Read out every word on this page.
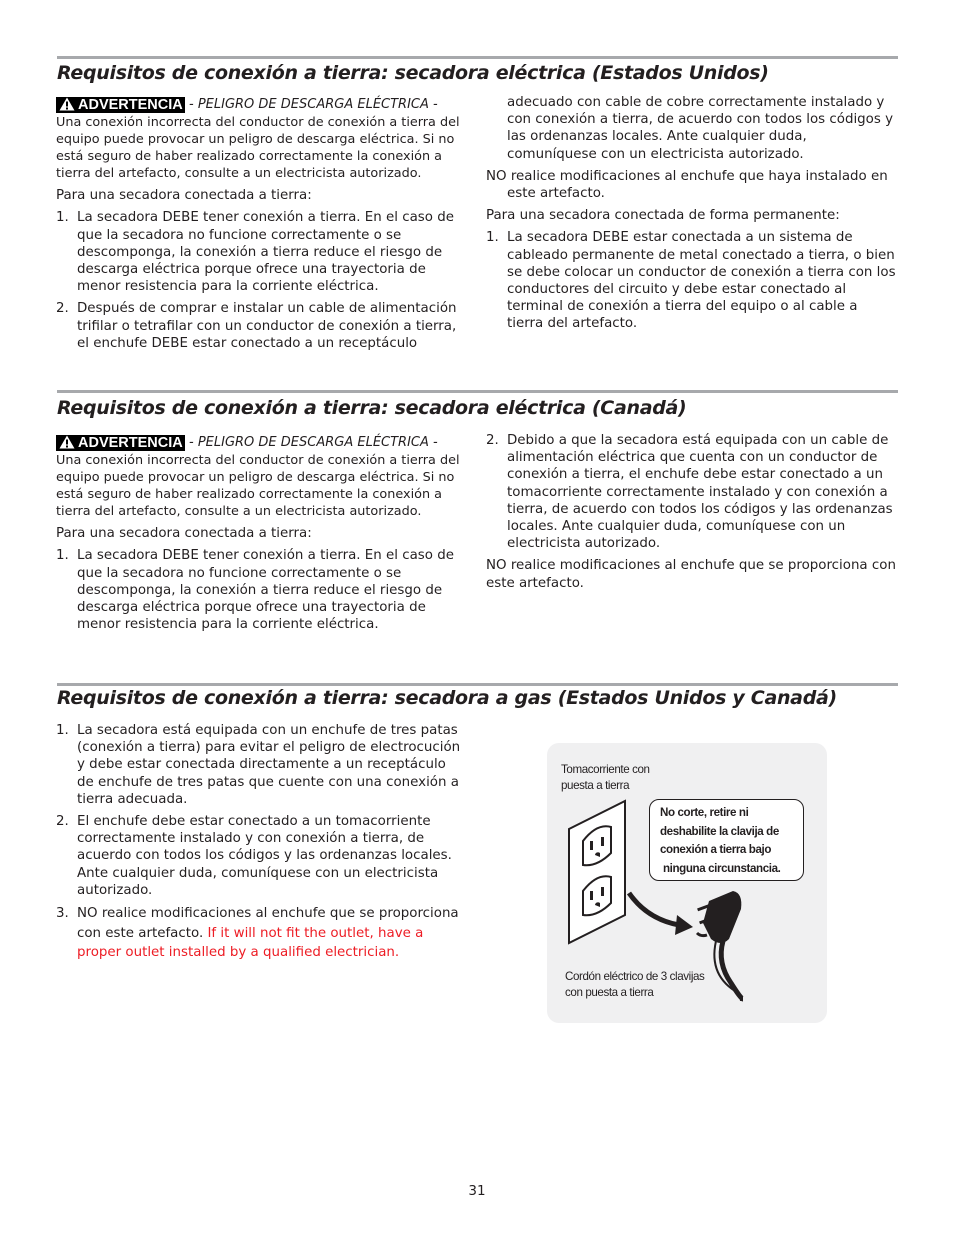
Requisitos de conexión a tierra: secadora eléctrica (Estados Unidos)
ADVERTENCIA - PELIGRO DE DESCARGA ELÉCTRICA -

Una conexión incorrecta del conductor de conexión a tierra del equipo puede provocar un peligro de descarga eléctrica. Si no está seguro de haber realizado correctamente la conexión a tierra del artefacto, consulte a un electricista autorizado.

Para una secadora conectada a tierra:

1. La secadora DEBE tener conexión a tierra. En el caso de que la secadora no funcione correctamente o se descomponga, la conexión a tierra reduce el riesgo de descarga eléctrica porque ofrece una trayectoria de menor resistencia para la corriente eléctrica.
2. Después de comprar e instalar un cable de alimentación trifilar o tetrafilar con un conductor de conexión a tierra, el enchufe DEBE estar conectado a un receptáculo

adecuado con cable de cobre correctamente instalado y con conexión a tierra, de acuerdo con todos los códigos y las ordenanzas locales. Ante cualquier duda, comuníquese con un electricista autorizado.

NO realice modificaciones al enchufe que haya instalado en este artefacto.

Para una secadora conectada de forma permanente:

1. La secadora DEBE estar conectada a un sistema de cableado permanente de metal conectado a tierra, o bien se debe colocar un conductor de conexión a tierra con los conductores del circuito y debe estar conectado al terminal de conexión a tierra del equipo o al cable a tierra del artefacto.
Requisitos de conexión a tierra: secadora eléctrica (Canadá)
ADVERTENCIA - PELIGRO DE DESCARGA ELÉCTRICA -

Una conexión incorrecta del conductor de conexión a tierra del equipo puede provocar un peligro de descarga eléctrica. Si no está seguro de haber realizado correctamente la conexión a tierra del artefacto, consulte a un electricista autorizado.

Para una secadora conectada a tierra:

1. La secadora DEBE tener conexión a tierra. En el caso de que la secadora no funcione correctamente o se descomponga, la conexión a tierra reduce el riesgo de descarga eléctrica porque ofrece una trayectoria de menor resistencia para la corriente eléctrica.
2. Debido a que la secadora está equipada con un cable de alimentación eléctrica que cuenta con un conductor de conexión a tierra, el enchufe debe estar conectado a un tomacorriente correctamente instalado y con conexión a tierra, de acuerdo con todos los códigos y las ordenanzas locales. Ante cualquier duda, comuníquese con un electricista autorizado.

NO realice modificaciones al enchufe que se proporciona con este artefacto.

Requisitos de conexión a tierra: secadora a gas (Estados Unidos y Canadá)
1. La secadora está equipada con un enchufe de tres patas (conexión a tierra) para evitar el peligro de electrocución y debe estar conectada directamente a un receptáculo de enchufe de tres patas que cuente con una conexión a tierra adecuada.
2. El enchufe debe estar conectado a un tomacorriente correctamente instalado y con conexión a tierra, de acuerdo con todos los códigos y las ordenanzas locales. Ante cualquier duda, comuníquese con un electricista autorizado.
3. NO realice modificaciones al enchufe que se proporciona con este artefacto. If it will not fit the outlet, have a proper outlet installed by a qualified electrician.
Tomacorriente con
puesta a tierra
No corte, retire ni
deshabilite la clavija de
conexión a tierra bajo
ninguna circunstancia.
Cordón eléctrico de 3 clavijas
con puesta a tierra
31
